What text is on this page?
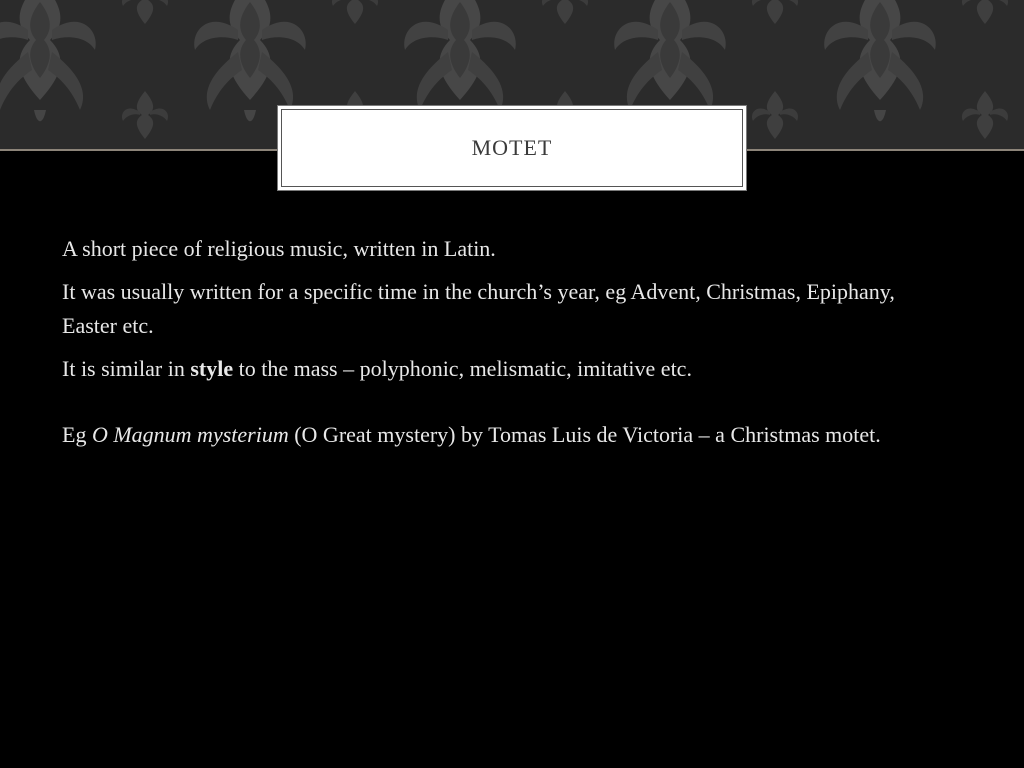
MOTET

A short piece of religious music, written in Latin.

It was usually written for a specific time in the church’s year, eg Advent, Christmas, Epiphany, Easter etc.

It is similar in style to the mass – polyphonic, melismatic, imitative etc.

Eg O Magnum mysterium (O Great mystery) by Tomas Luis de Victoria – a Christmas motet.
